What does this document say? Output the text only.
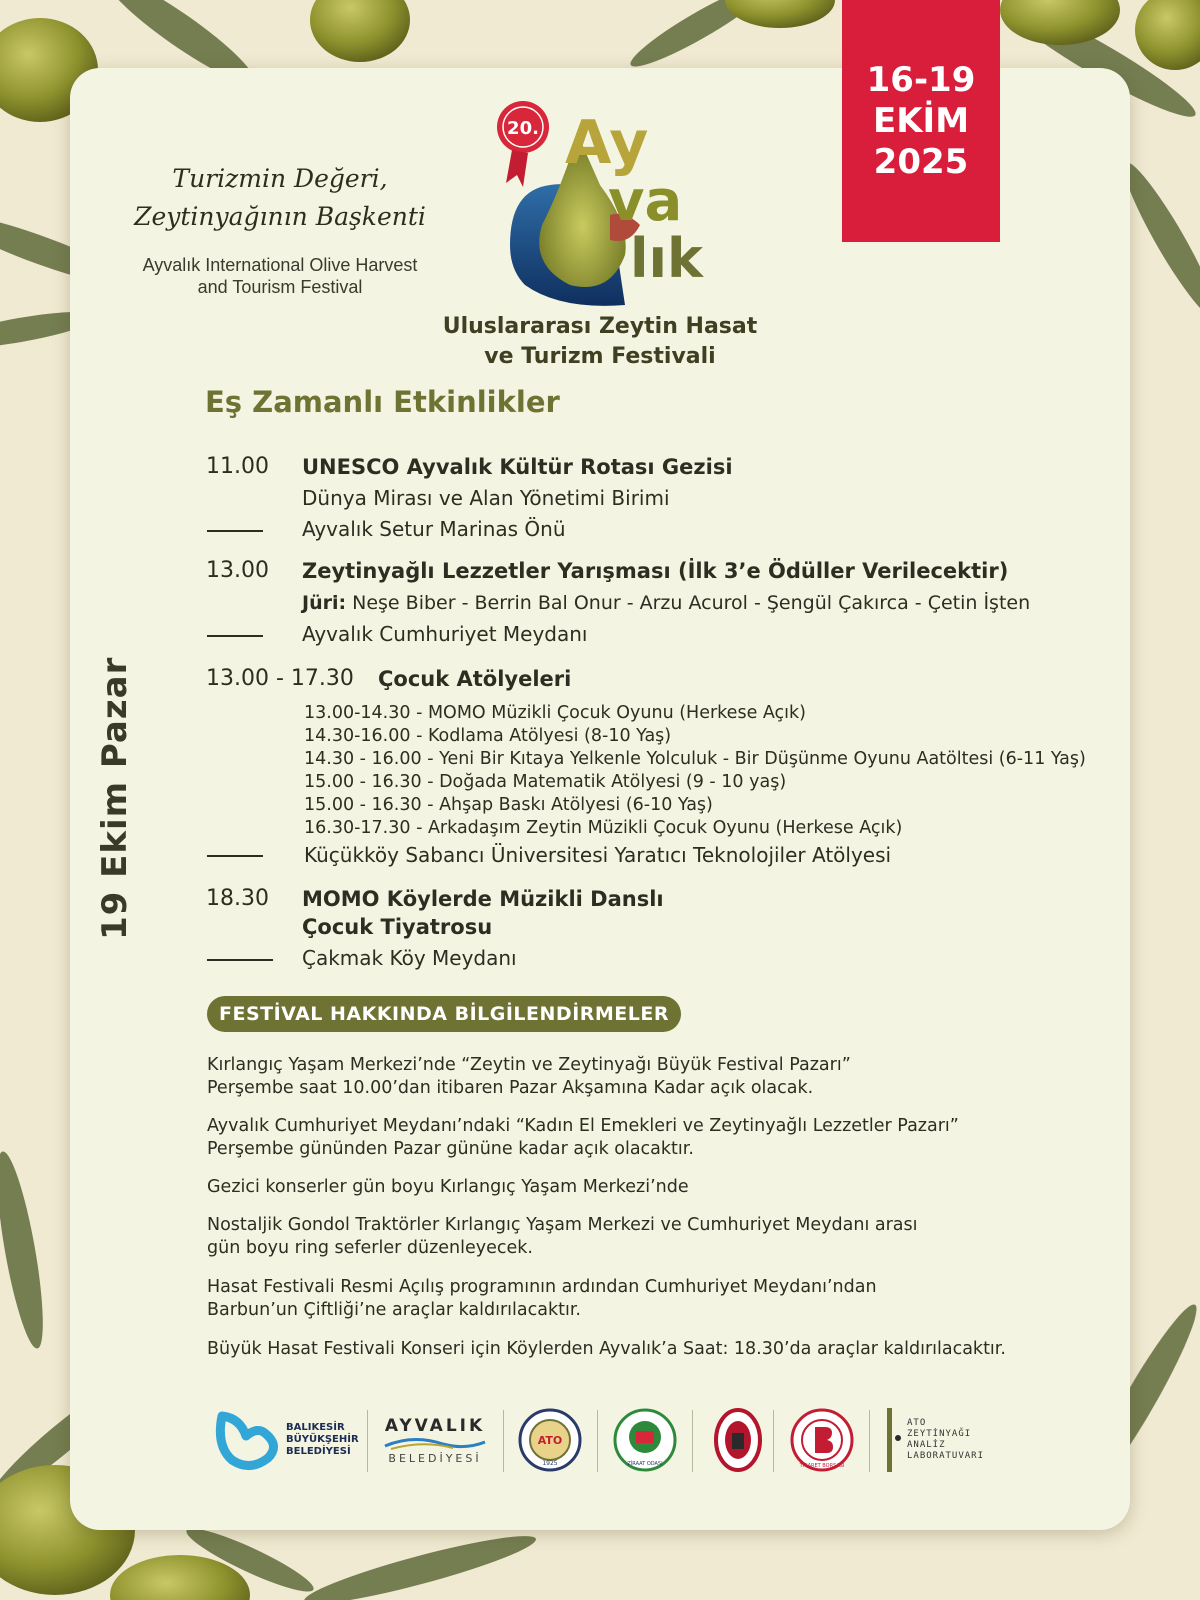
16-19
EKİM
2025
Turizmin Değeri,
Zeytinyağının Başkenti
Ayvalık International Olive Harvest
and Tourism Festival
20. Ay
va
lık
Uluslararası Zeytin Hasat
ve Turizm Festivali
19 Ekim Pazar
Eş Zamanlı Etkinlikler
11.00 UNESCO Ayvalık Kültür Rotası Gezisi
Dünya Mirası ve Alan Yönetimi Birimi
Ayvalık Setur Marinas Önü
13.00 Zeytinyağlı Lezzetler Yarışması (İlk 3’e Ödüller Verilecektir)
Jüri: Neşe Biber - Berrin Bal Onur - Arzu Acurol - Şengül Çakırca - Çetin İşten
Ayvalık Cumhuriyet Meydanı
13.00 - 17.30 Çocuk Atölyeleri
13.00-14.30 - MOMO Müzikli Çocuk Oyunu (Herkese Açık)
14.30-16.00 - Kodlama Atölyesi (8-10 Yaş)
14.30 - 16.00 - Yeni Bir Kıtaya Yelkenle Yolculuk - Bir Düşünme Oyunu Aatöltesi (6-11 Yaş)
15.00 - 16.30 - Doğada Matematik Atölyesi (9 - 10 yaş)
15.00 - 16.30 - Ahşap Baskı Atölyesi (6-10 Yaş)
16.30-17.30 - Arkadaşım Zeytin Müzikli Çocuk Oyunu (Herkese Açık)
Küçükköy Sabancı Üniversitesi Yaratıcı Teknolojiler Atölyesi
18.30 MOMO Köylerde Müzikli Danslı
Çocuk Tiyatrosu
Çakmak Köy Meydanı
FESTİVAL HAKKINDA BİLGİLENDİRMELER
Kırlangıç Yaşam Merkezi’nde “Zeytin ve Zeytinyağı Büyük Festival Pazarı”
Perşembe saat 10.00’dan itibaren Pazar Akşamına Kadar açık olacak.
Ayvalık Cumhuriyet Meydanı’ndaki “Kadın El Emekleri ve Zeytinyağlı Lezzetler Pazarı”
Perşembe gününden Pazar gününe kadar açık olacaktır.
Gezici konserler gün boyu Kırlangıç Yaşam Merkezi’nde
Nostaljik Gondol Traktörler Kırlangıç Yaşam Merkezi ve Cumhuriyet Meydanı arası
gün boyu ring seferler düzenleyecek.
Hasat Festivali Resmi Açılış programının ardından Cumhuriyet Meydanı’ndan
Barbun’un Çiftliği’ne araçlar kaldırılacaktır.
Büyük Hasat Festivali Konseri için Köylerden Ayvalık’a Saat: 18.30’da araçlar kaldırılacaktır.
BALIKESİR
BÜYÜKŞEHİR
BELEDİYESİ
AYVALIK
BELEDİYESİ
ATO
1925	ZİRAAT ODASI	TİCARET BORSASI
ATO
ZEYTİNYAĞI
ANALİZ
LABORATUVARI
